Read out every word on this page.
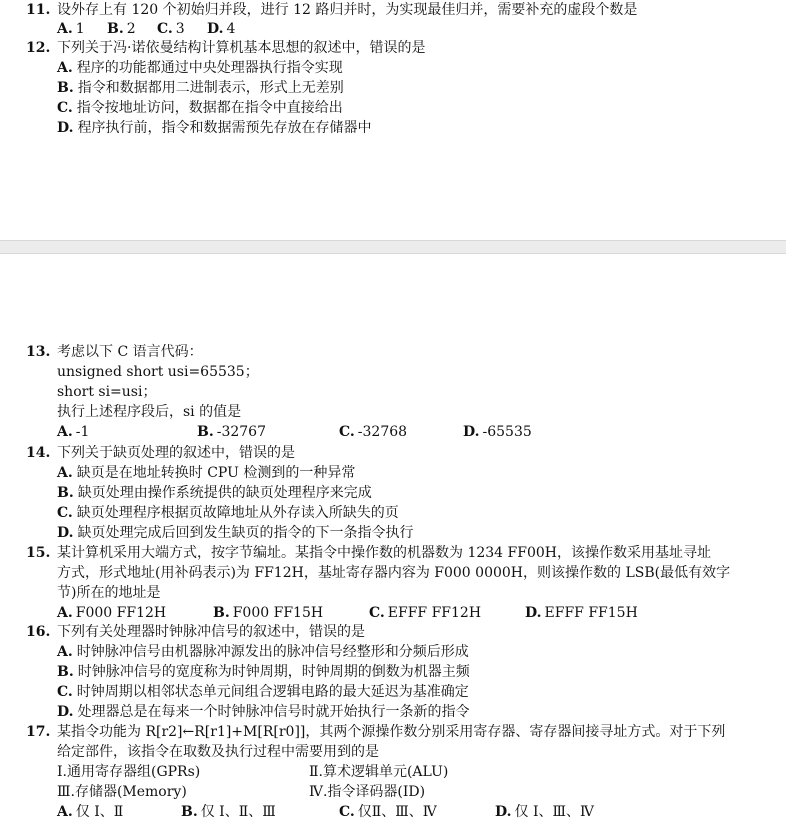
11. 设外存上有 120 个初始归并段，进行 12 路归并时，为实现最佳归并，需要补充的虚段个数是
A. 1 B. 2 C. 3 D. 4
12. 下列关于冯·诺依曼结构计算机基本思想的叙述中，错误的是
A. 程序的功能都通过中央处理器执行指令实现
B. 指令和数据都用二进制表示，形式上无差别
C. 指令按地址访问，数据都在指令中直接给出
D. 程序执行前，指令和数据需预先存放在存储器中
13. 考虑以下 C 语言代码：
unsigned short usi=65535；
short si=usi；
执行上述程序段后，si 的值是
A. -1	B. -32767	C. -32768	D. -65535
14. 下列关于缺页处理的叙述中，错误的是
A. 缺页是在地址转换时 CPU 检测到的一种异常
B. 缺页处理由操作系统提供的缺页处理程序来完成
C. 缺页处理程序根据页故障地址从外存读入所缺失的页
D. 缺页处理完成后回到发生缺页的指令的下一条指令执行
15. 某计算机采用大端方式，按字节编址。某指令中操作数的机器数为 1234 FF00H，该操作数采用基址寻址
方式，形式地址(用补码表示)为 FF12H，基址寄存器内容为 F000 0000H，则该操作数的 LSB(最低有效字
节)所在的地址是
A. F000 FF12H	B. F000 FF15H	C. EFFF FF12H	D. EFFF FF15H
16. 下列有关处理器时钟脉冲信号的叙述中，错误的是
A. 时钟脉冲信号由机器脉冲源发出的脉冲信号经整形和分频后形成
B. 时钟脉冲信号的宽度称为时钟周期，时钟周期的倒数为机器主频
C. 时钟周期以相邻状态单元间组合逻辑电路的最大延迟为基准确定
D. 处理器总是在每来一个时钟脉冲信号时就开始执行一条新的指令
17. 某指令功能为 R[r2]←R[r1]+M[R[r0]]，其两个源操作数分别采用寄存器、寄存器间接寻址方式。对于下列
给定部件，该指令在取数及执行过程中需要用到的是
I.通用寄存器组(GPRs)	Ⅱ.算术逻辑单元(ALU)
Ⅲ.存储器(Memory)	Ⅳ.指令译码器(ID)
A. 仅 I、Ⅱ	B. 仅 I、Ⅱ、Ⅲ	C. 仅Ⅱ、Ⅲ、Ⅳ	D. 仅 I、Ⅲ、Ⅳ
